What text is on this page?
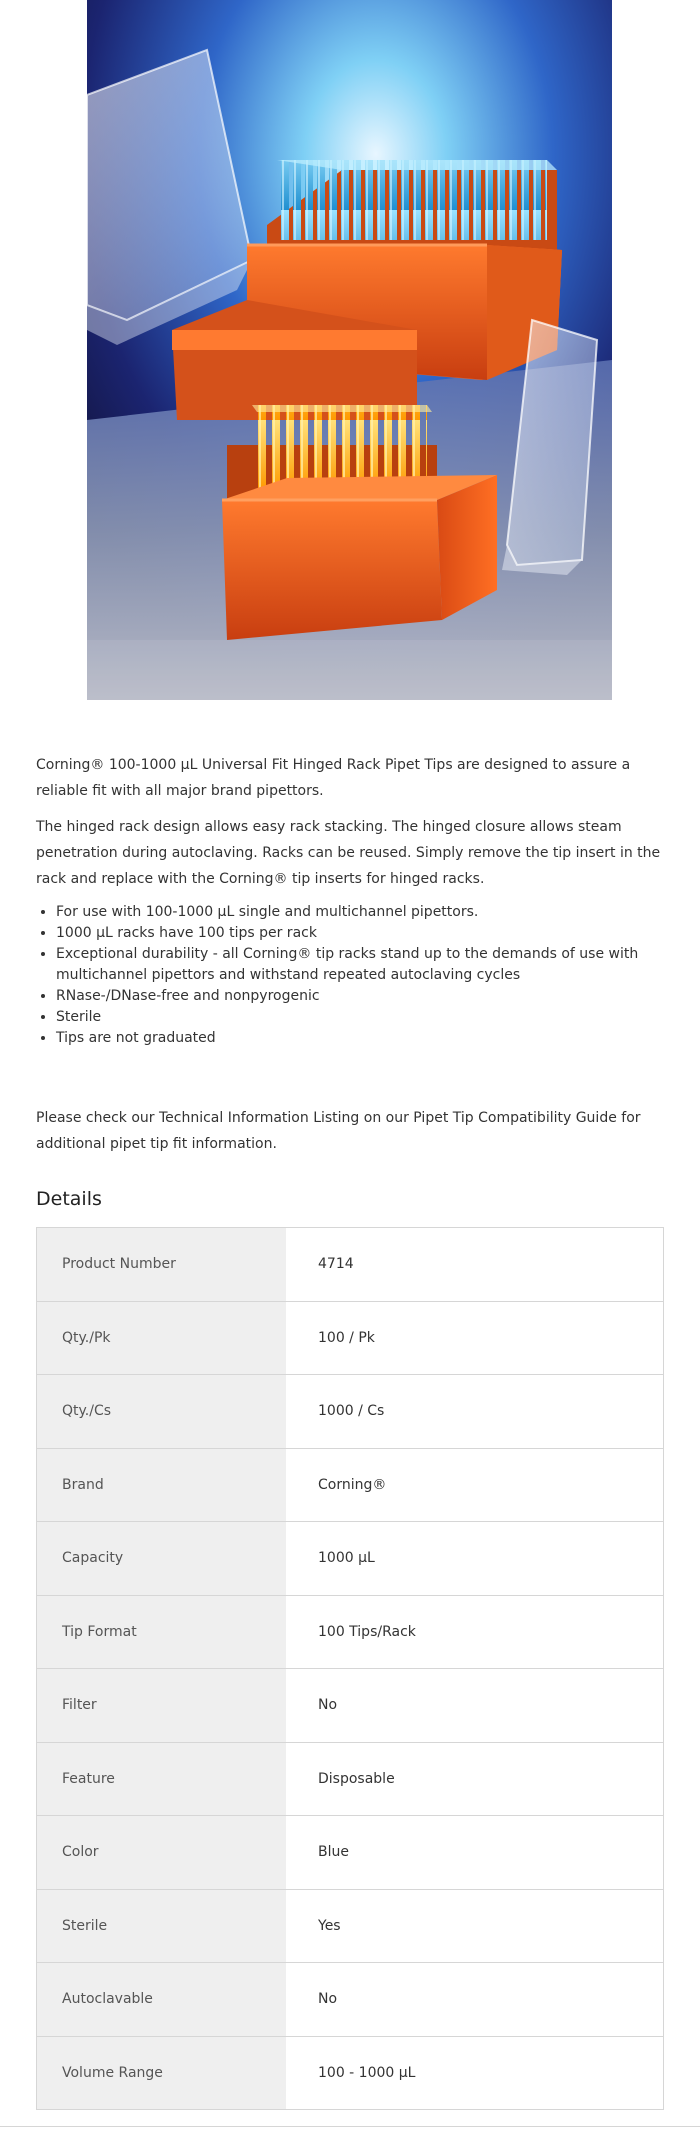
Corning® 100-1000 µL Universal Fit Hinged Rack Pipet Tips are designed to assure a reliable fit with all major brand pipettors.

The hinged rack design allows easy rack stacking. The hinged closure allows steam penetration during autoclaving. Racks can be reused. Simply remove the tip insert in the rack and replace with the Corning® tip inserts for hinged racks.

• For use with 100-1000 µL single and multichannel pipettors.
• 1000 µL racks have 100 tips per rack
• Exceptional durability - all Corning® tip racks stand up to the demands of use with multichannel pipettors and withstand repeated autoclaving cycles
• RNase-/DNase-free and nonpyrogenic
• Sterile
• Tips are not graduated

Please check our Technical Information Listing on our Pipet Tip Compatibility Guide for additional pipet tip fit information.

Details
Product Number	4714
Qty./Pk	100 / Pk
Qty./Cs	1000 / Cs
Brand	Corning®
Capacity	1000 µL
Tip Format	100 Tips/Rack
Filter	No
Feature	Disposable
Color	Blue
Sterile	Yes
Autoclavable	No
Volume Range	100 - 1000 µL
